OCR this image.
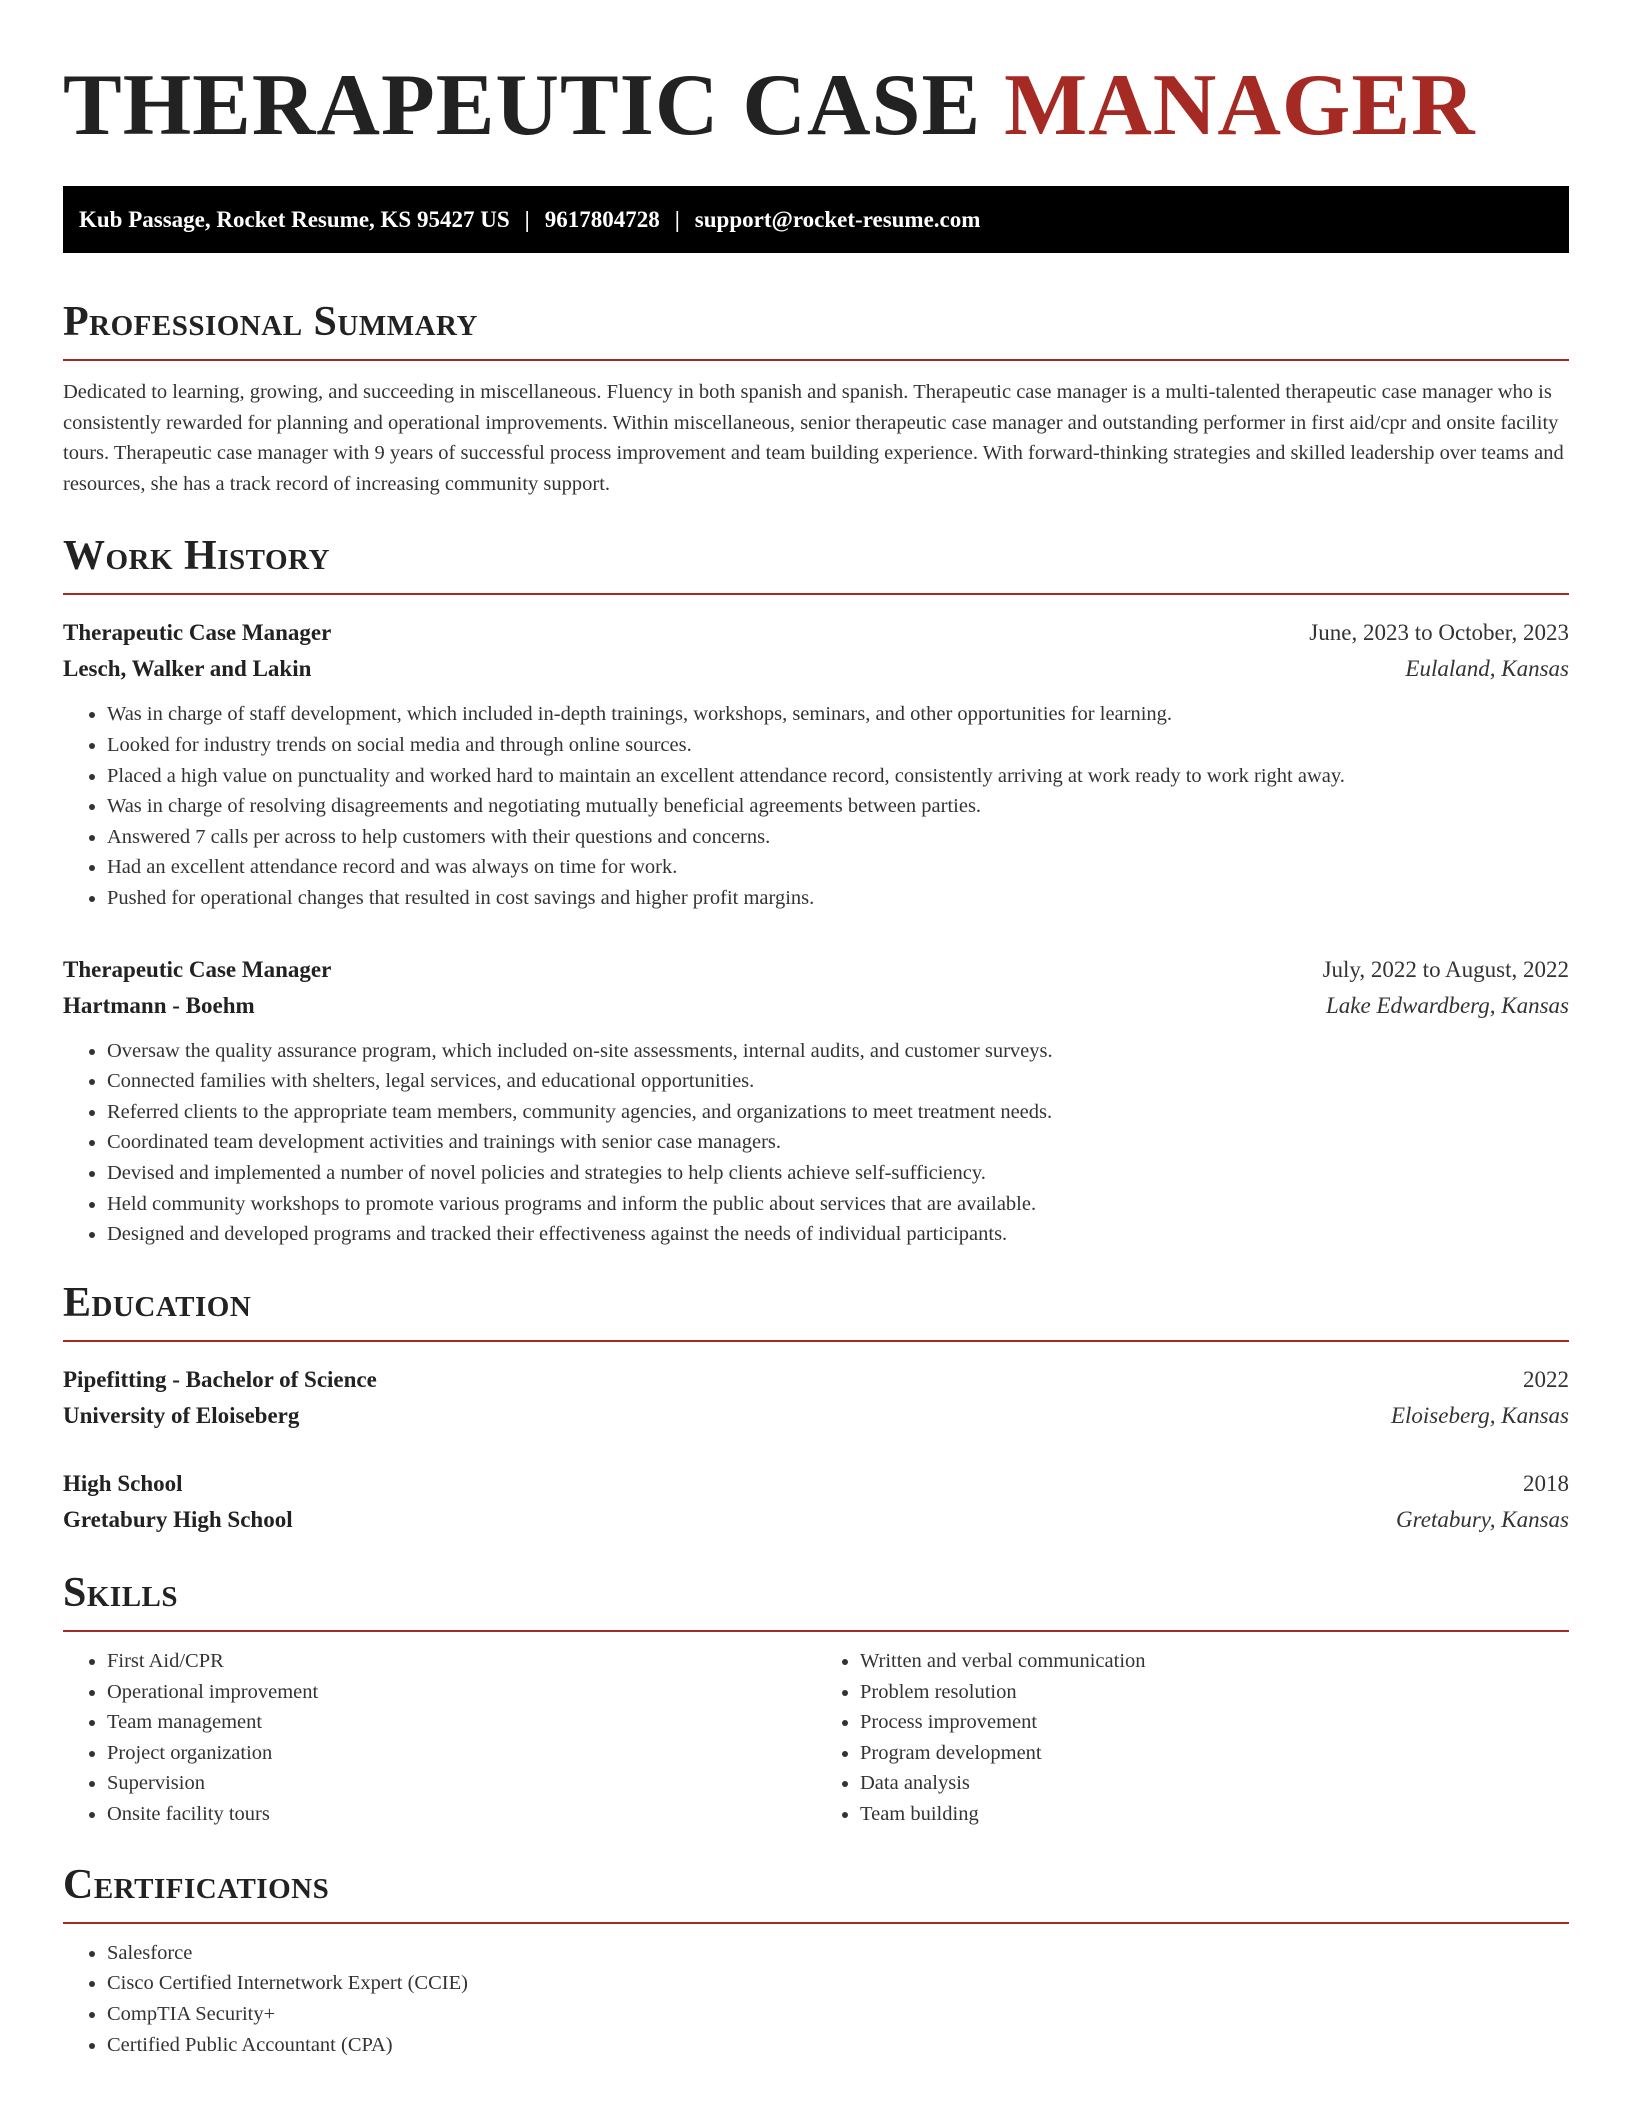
THERAPEUTIC CASE MANAGER
Kub Passage, Rocket Resume, KS 95427 US | 9617804728 | support@rocket-resume.com
Professional Summary

Dedicated to learning, growing, and succeeding in miscellaneous. Fluency in both spanish and spanish. Therapeutic case manager is a multi-talented therapeutic case manager who is consistently rewarded for planning and operational improvements. Within miscellaneous, senior therapeutic case manager and outstanding performer in first aid/cpr and onsite facility tours. Therapeutic case manager with 9 years of successful process improvement and team building experience. With forward-thinking strategies and skilled leadership over teams and resources, she has a track record of increasing community support.

Work History
Therapeutic Case Manager	June, 2023 to October, 2023
Lesch, Walker and Lakin	Eulaland, Kansas
• Was in charge of staff development, which included in-depth trainings, workshops, seminars, and other opportunities for learning.
• Looked for industry trends on social media and through online sources.
• Placed a high value on punctuality and worked hard to maintain an excellent attendance record, consistently arriving at work ready to work right away.
• Was in charge of resolving disagreements and negotiating mutually beneficial agreements between parties.
• Answered 7 calls per across to help customers with their questions and concerns.
• Had an excellent attendance record and was always on time for work.
• Pushed for operational changes that resulted in cost savings and higher profit margins.
Therapeutic Case Manager	July, 2022 to August, 2022
Hartmann - Boehm	Lake Edwardberg, Kansas
• Oversaw the quality assurance program, which included on-site assessments, internal audits, and customer surveys.
• Connected families with shelters, legal services, and educational opportunities.
• Referred clients to the appropriate team members, community agencies, and organizations to meet treatment needs.
• Coordinated team development activities and trainings with senior case managers.
• Devised and implemented a number of novel policies and strategies to help clients achieve self-sufficiency.
• Held community workshops to promote various programs and inform the public about services that are available.
• Designed and developed programs and tracked their effectiveness against the needs of individual participants.
Education
Pipefitting - Bachelor of Science	2022
University of Eloiseberg	Eloiseberg, Kansas
High School	2018
Gretabury High School	Gretabury, Kansas
Skills
• First Aid/CPR
• Operational improvement
• Team management
• Project organization
• Supervision
• Onsite facility tours
• Written and verbal communication
• Problem resolution
• Process improvement
• Program development
• Data analysis
• Team building
Certifications
• Salesforce
• Cisco Certified Internetwork Expert (CCIE)
• CompTIA Security+
• Certified Public Accountant (CPA)
